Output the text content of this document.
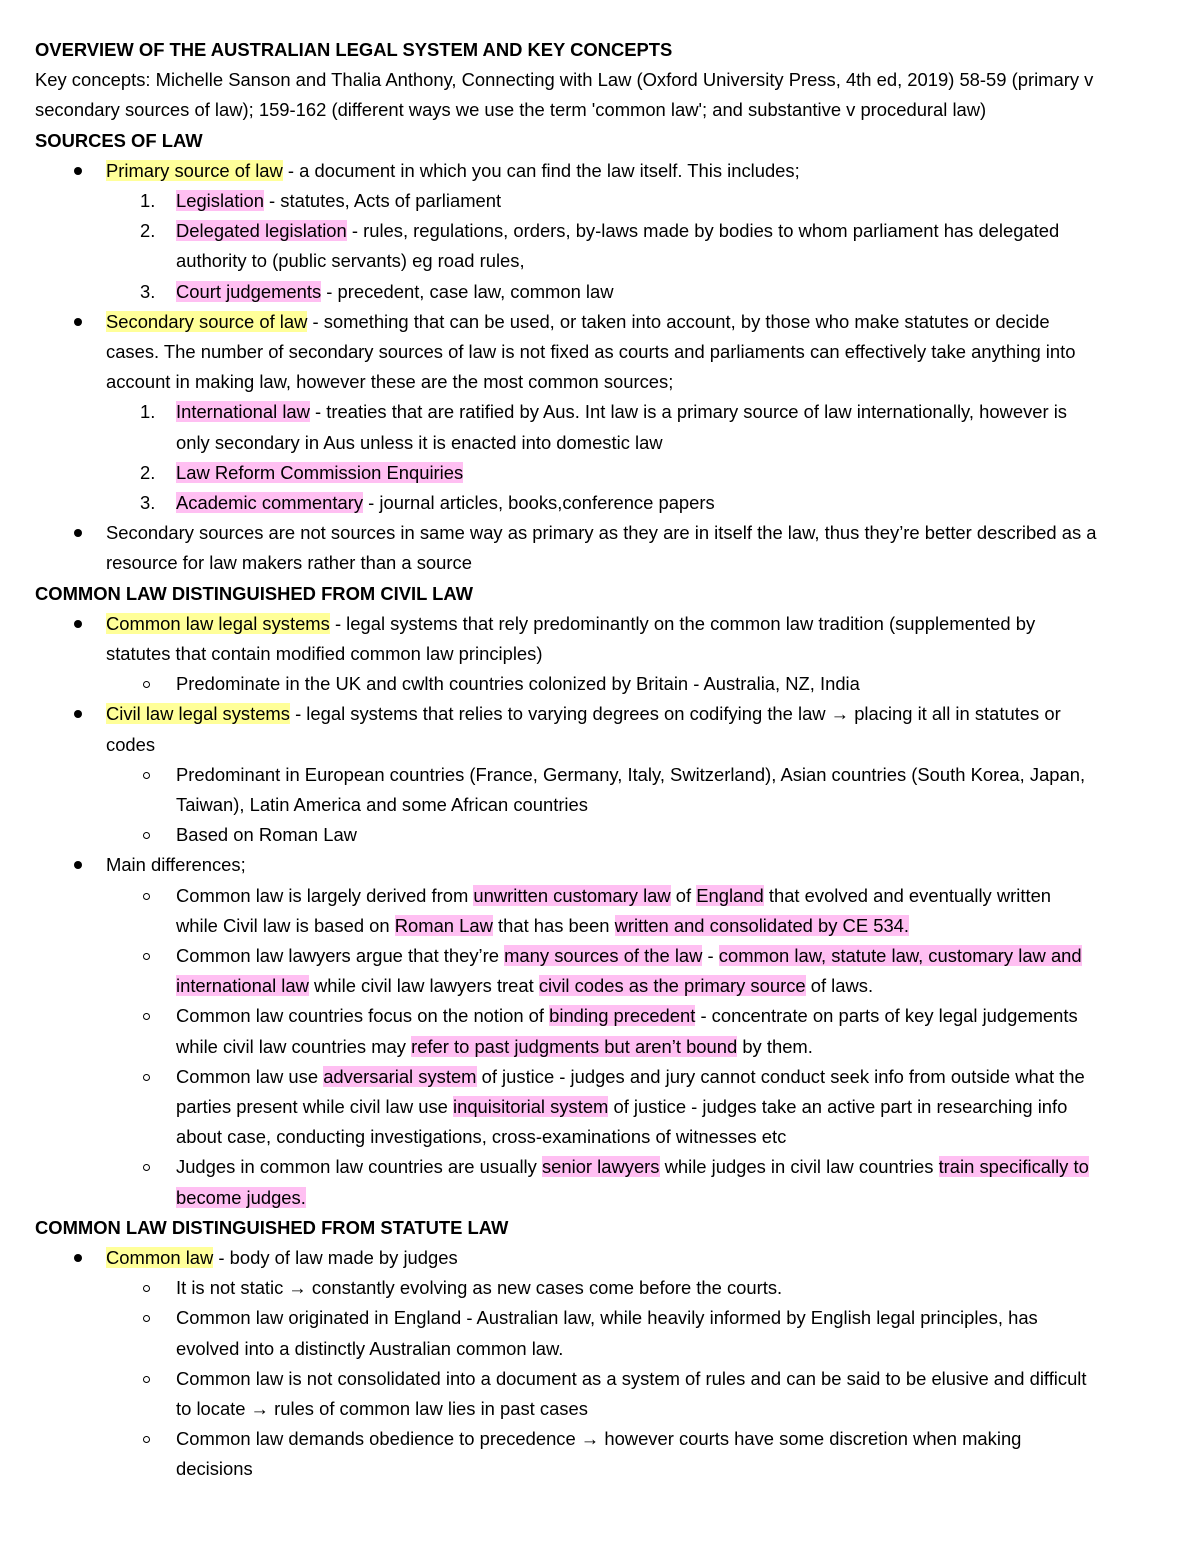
OVERVIEW OF THE AUSTRALIAN LEGAL SYSTEM AND KEY CONCEPTS
Key concepts: Michelle Sanson and Thalia Anthony, Connecting with Law (Oxford University Press, 4th ed, 2019) 58-59 (primary v
secondary sources of law); 159-162 (different ways we use the term 'common law'; and substantive v procedural law)
SOURCES OF LAW
Primary source of law - a document in which you can find the law itself. This includes;
Legislation - statutes, Acts of parliament
1.
Delegated legislation - rules, regulations, orders, by-laws made by bodies to whom parliament has delegated
2.
authority to (public servants) eg road rules,
Court judgements - precedent, case law, common law
3.
Secondary source of law - something that can be used, or taken into account, by those who make statutes or decide
cases. The number of secondary sources of law is not fixed as courts and parliaments can effectively take anything into
account in making law, however these are the most common sources;
International law - treaties that are ratified by Aus. Int law is a primary source of law internationally, however is
1.
only secondary in Aus unless it is enacted into domestic law
Law Reform Commission Enquiries
2.
Academic commentary - journal articles, books,conference papers
3.
Secondary sources are not sources in same way as primary as they are in itself the law, thus they’re better described as a
resource for law makers rather than a source
COMMON LAW DISTINGUISHED FROM CIVIL LAW
Common law legal systems - legal systems that rely predominantly on the common law tradition (supplemented by
statutes that contain modified common law principles)
Predominate in the UK and cwlth countries colonized by Britain - Australia, NZ, India
Civil law legal systems - legal systems that relies to varying degrees on codifying the law → placing it all in statutes or
codes
Predominant in European countries (France, Germany, Italy, Switzerland), Asian countries (South Korea, Japan,
Taiwan), Latin America and some African countries
Based on Roman Law
Main differences;
Common law is largely derived from unwritten customary law of England that evolved and eventually written
while Civil law is based on Roman Law that has been written and consolidated by CE 534.
Common law lawyers argue that they’re many sources of the law - common law, statute law, customary law and
international law while civil law lawyers treat civil codes as the primary source of laws.
Common law countries focus on the notion of binding precedent - concentrate on parts of key legal judgements
while civil law countries may refer to past judgments but aren’t bound by them.
Common law use adversarial system of justice - judges and jury cannot conduct seek info from outside what the
parties present while civil law use inquisitorial system of justice - judges take an active part in researching info
about case, conducting investigations, cross-examinations of witnesses etc
Judges in common law countries are usually senior lawyers while judges in civil law countries train specifically to
become judges.
COMMON LAW DISTINGUISHED FROM STATUTE LAW
Common law - body of law made by judges
It is not static → constantly evolving as new cases come before the courts.
Common law originated in England - Australian law, while heavily informed by English legal principles, has
evolved into a distinctly Australian common law.
Common law is not consolidated into a document as a system of rules and can be said to be elusive and difficult
to locate → rules of common law lies in past cases
Common law demands obedience to precedence → however courts have some discretion when making
decisions
